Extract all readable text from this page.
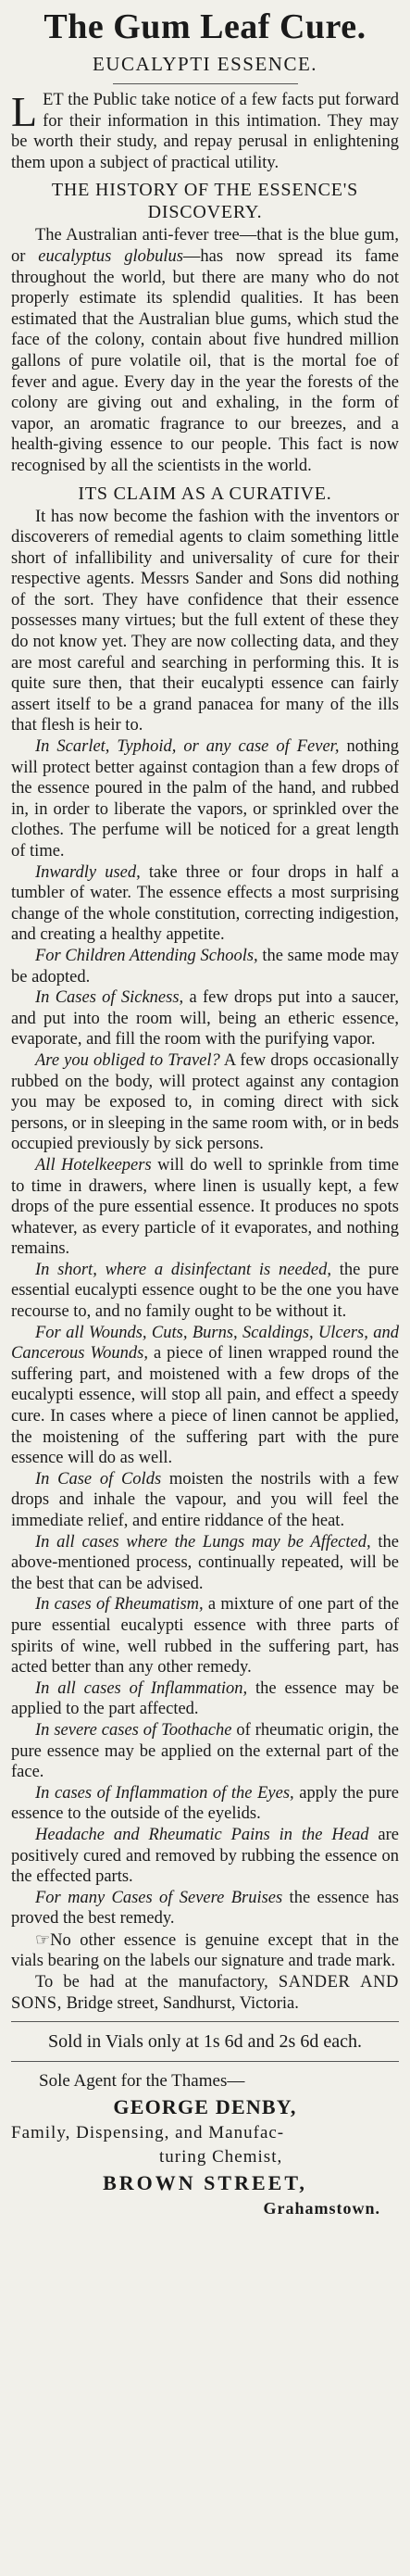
The Gum Leaf Cure.
EUCALYPTI ESSENCE.

LET the Public take notice of a few facts put forward for their information in this intimation. They may be worth their study, and repay perusal in enlightening them upon a subject of practical utility.

THE HISTORY OF THE ESSENCE'S DISCOVERY.

The Australian anti-fever tree—that is the blue gum, or eucalyptus globulus—has now spread its fame throughout the world, but there are many who do not properly estimate its splendid qualities. It has been estimated that the Australian blue gums, which stud the face of the colony, contain about five hundred million gallons of pure volatile oil, that is the mortal foe of fever and ague. Every day in the year the forests of the colony are giving out and exhaling, in the form of vapor, an aromatic fragrance to our breezes, and a health-giving essence to our people. This fact is now recognised by all the scientists in the world.

ITS CLAIM AS A CURATIVE.

It has now become the fashion with the inventors or discoverers of remedial agents to claim something little short of infallibility and universality of cure for their respective agents. Messrs Sander and Sons did nothing of the sort. They have confidence that their essence possesses many virtues; but the full extent of these they do not know yet. They are now collecting data, and they are most careful and searching in performing this. It is quite sure then, that their eucalypti essence can fairly assert itself to be a grand panacea for many of the ills that flesh is heir to.

In Scarlet, Typhoid, or any case of Fever, nothing will protect better against contagion than a few drops of the essence poured in the palm of the hand, and rubbed in, in order to liberate the vapors, or sprinkled over the clothes. The perfume will be noticed for a great length of time.

Inwardly used, take three or four drops in half a tumbler of water. The essence effects a most surprising change of the whole constitution, correcting indigestion, and creating a healthy appetite.

For Children Attending Schools, the same mode may be adopted.

In Cases of Sickness, a few drops put into a saucer, and put into the room will, being an etheric essence, evaporate, and fill the room with the purifying vapor.

Are you obliged to Travel? A few drops occasionally rubbed on the body, will protect against any contagion you may be exposed to, in coming direct with sick persons, or in sleeping in the same room with, or in beds occupied previously by sick persons.

All Hotelkeepers will do well to sprinkle from time to time in drawers, where linen is usually kept, a few drops of the pure essential essence. It produces no spots whatever, as every particle of it evaporates, and nothing remains.

In short, where a disinfectant is needed, the pure essential eucalypti essence ought to be the one you have recourse to, and no family ought to be without it.

For all Wounds, Cuts, Burns, Scaldings, Ulcers, and Cancerous Wounds, a piece of linen wrapped round the suffering part, and moistened with a few drops of the eucalypti essence, will stop all pain, and effect a speedy cure. In cases where a piece of linen cannot be applied, the moistening of the suffering part with the pure essence will do as well.

In Case of Colds moisten the nostrils with a few drops and inhale the vapour, and you will feel the immediate relief, and entire riddance of the heat.

In all cases where the Lungs may be Affected, the above-mentioned process, continually repeated, will be the best that can be advised.

In cases of Rheumatism, a mixture of one part of the pure essential eucalypti essence with three parts of spirits of wine, well rubbed in the suffering part, has acted better than any other remedy.

In all cases of Inflammation, the essence may be applied to the part affected.

In severe cases of Toothache of rheumatic origin, the pure essence may be applied on the external part of the face.

In cases of Inflammation of the Eyes, apply the pure essence to the outside of the eyelids.

Headache and Rheumatic Pains in the Head are positively cured and removed by rubbing the essence on the effected parts.

For many Cases of Severe Bruises the essence has proved the best remedy.

☞No other essence is genuine except that in the vials bearing on the labels our signature and trade mark.

To be had at the manufactory, SANDER AND SONS, Bridge street, Sandhurst, Victoria.

Sold in Vials only at 1s 6d and 2s 6d each.
Sole Agent for the Thames—
GEORGE DENBY,
Family, Dispensing, and Manufac-
turing Chemist,
BROWN STREET,
Grahamstown.
